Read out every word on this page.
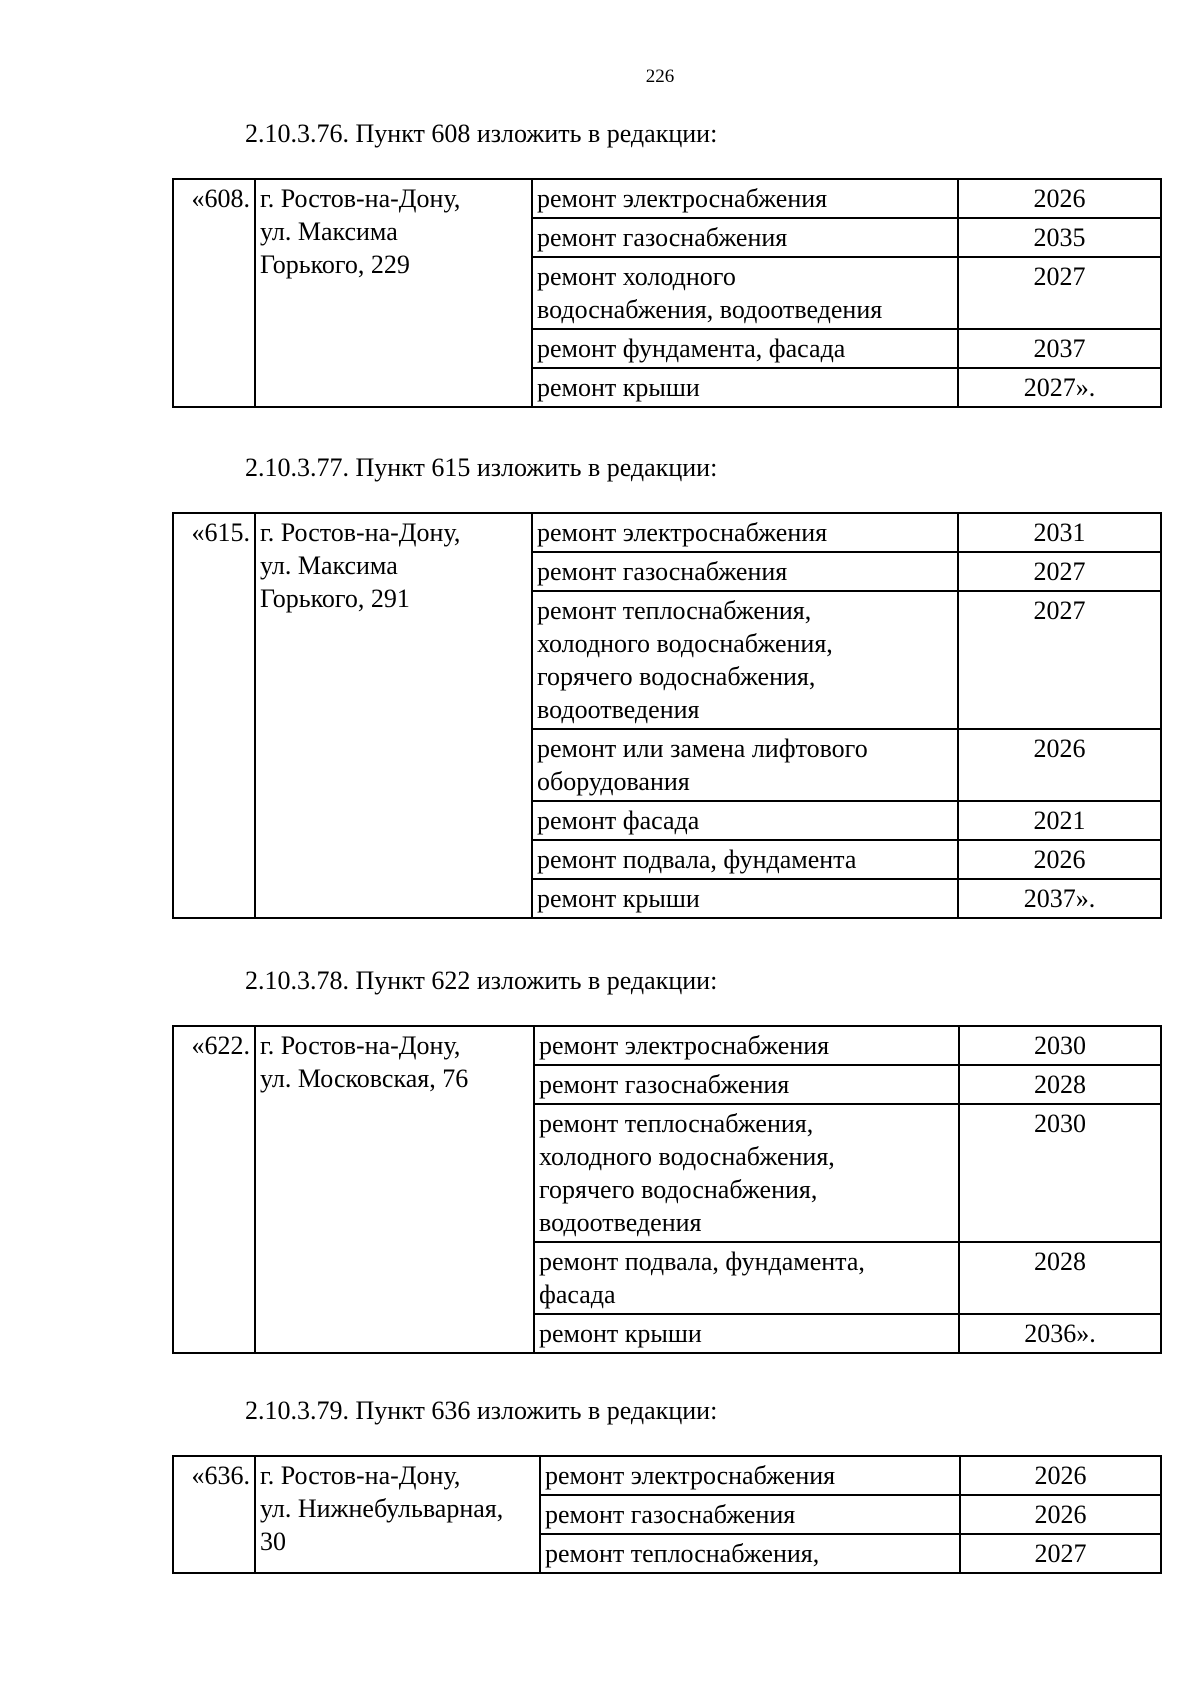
226
2.10.3.76. Пункт 608 изложить в редакции:
«608.	г. Ростов-на-Дону,
ул. Максима
Горького, 229	ремонт электроснабжения	2026

		ремонт газоснабжения	2035

		ремонт холодного
водоснабжения, водоотведения	2027

		ремонт фундамента, фасада	2037

		ремонт крыши	2027».
2.10.3.77. Пункт 615 изложить в редакции:
«615.	г. Ростов-на-Дону,
ул. Максима
Горького, 291	ремонт электроснабжения	2031

		ремонт газоснабжения	2027

		ремонт теплоснабжения,
холодного водоснабжения,
горячего водоснабжения,
водоотведения	2027

		ремонт или замена лифтового
оборудования	2026

		ремонт фасада	2021

		ремонт подвала, фундамента	2026

		ремонт крыши	2037».
2.10.3.78. Пункт 622 изложить в редакции:
«622.	г. Ростов-на-Дону,
ул. Московская, 76	ремонт электроснабжения	2030

		ремонт газоснабжения	2028

		ремонт теплоснабжения,
холодного водоснабжения,
горячего водоснабжения,
водоотведения	2030

		ремонт подвала, фундамента,
фасада	2028

		ремонт крыши	2036».
2.10.3.79. Пункт 636 изложить в редакции:
«636.	г. Ростов-на-Дону,
ул. Нижнебульварная,
30	ремонт электроснабжения	2026

		ремонт газоснабжения	2026

		ремонт теплоснабжения,	2027
